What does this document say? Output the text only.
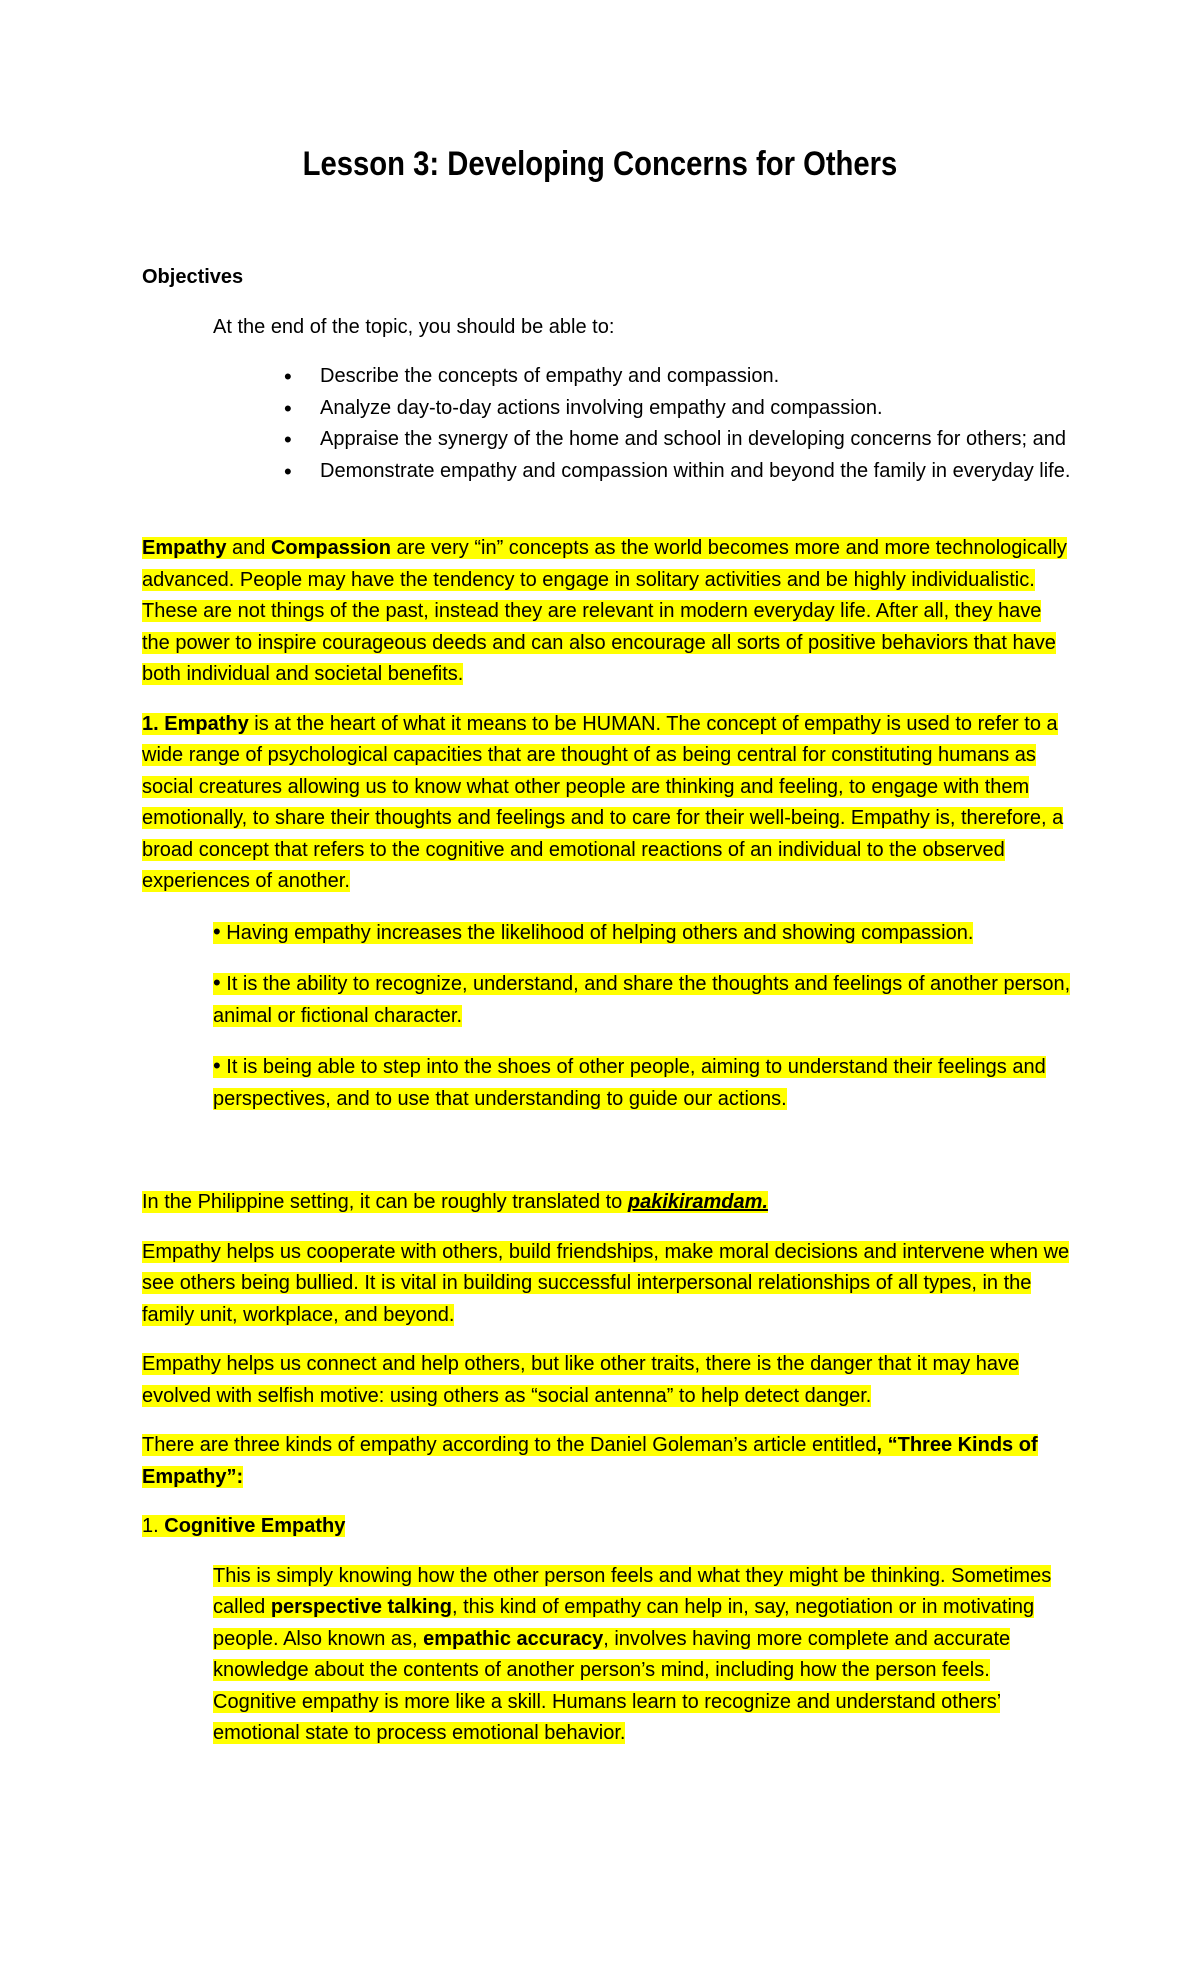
Lesson 3: Developing Concerns for Others

Objectives

At the end of the topic, you should be able to:

• Describe the concepts of empathy and compassion.
• Analyze day-to-day actions involving empathy and compassion.
• Appraise the synergy of the home and school in developing concerns for others; and
• Demonstrate empathy and compassion within and beyond the family in everyday life.

Empathy and Compassion are very “in” concepts as the world becomes more and more technologically advanced. People may have the tendency to engage in solitary activities and be highly individualistic. These are not things of the past, instead they are relevant in modern everyday life. After all, they have the power to inspire courageous deeds and can also encourage all sorts of positive behaviors that have both individual and societal benefits.

1. Empathy is at the heart of what it means to be HUMAN. The concept of empathy is used to refer to a wide range of psychological capacities that are thought of as being central for constituting humans as social creatures allowing us to know what other people are thinking and feeling, to engage with them emotionally, to share their thoughts and feelings and to care for their well-being. Empathy is, therefore, a broad concept that refers to the cognitive and emotional reactions of an individual to the observed experiences of another.

• Having empathy increases the likelihood of helping others and showing compassion.

• It is the ability to recognize, understand, and share the thoughts and feelings of another person, animal or fictional character.

• It is being able to step into the shoes of other people, aiming to understand their feelings and perspectives, and to use that understanding to guide our actions.

In the Philippine setting, it can be roughly translated to pakikiramdam.

Empathy helps us cooperate with others, build friendships, make moral decisions and intervene when we see others being bullied. It is vital in building successful interpersonal relationships of all types, in the family unit, workplace, and beyond.

Empathy helps us connect and help others, but like other traits, there is the danger that it may have evolved with selfish motive: using others as “social antenna” to help detect danger.

There are three kinds of empathy according to the Daniel Goleman’s article entitled, “Three Kinds of Empathy”:

1. Cognitive Empathy

This is simply knowing how the other person feels and what they might be thinking. Sometimes called perspective talking, this kind of empathy can help in, say, negotiation or in motivating people. Also known as, empathic accuracy, involves having more complete and accurate knowledge about the contents of another person’s mind, including how the person feels. Cognitive empathy is more like a skill. Humans learn to recognize and understand others’ emotional state to process emotional behavior.
